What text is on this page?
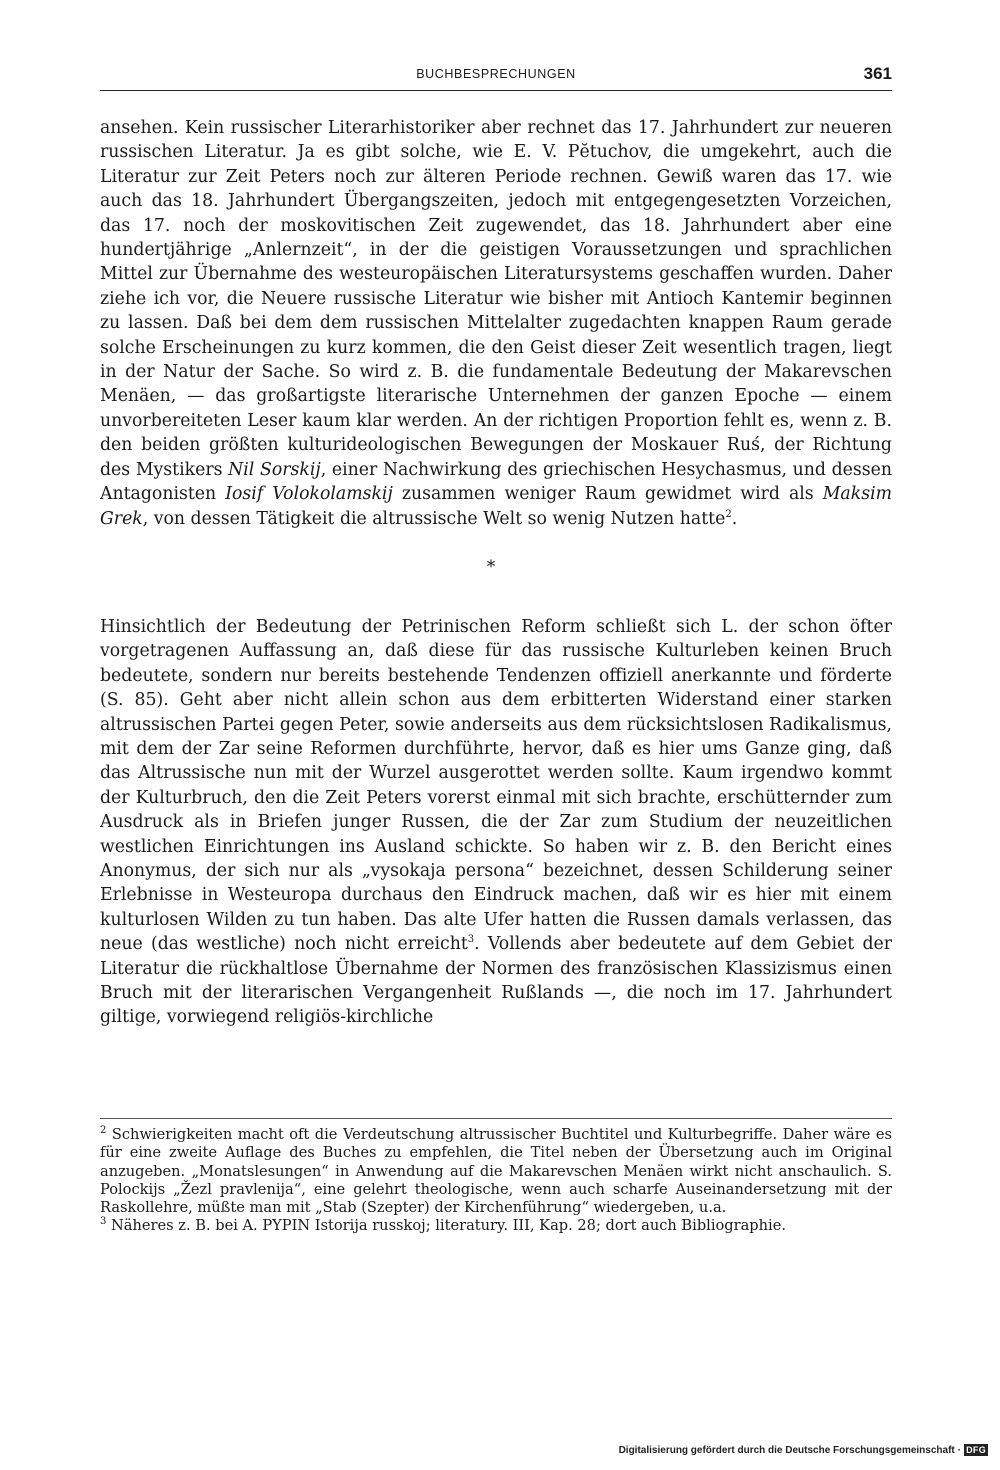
BUCHBESPRECHUNGEN	361

ansehen. Kein russischer Literarhistoriker aber rechnet das 17. Jahrhundert zur neueren russischen Literatur. Ja es gibt solche, wie E. V. Pĕtuchov, die umgekehrt, auch die Literatur zur Zeit Peters noch zur älteren Periode rechnen. Gewiß waren das 17. wie auch das 18. Jahrhundert Übergangszeiten, jedoch mit entgegengesetzten Vorzeichen, das 17. noch der moskovitischen Zeit zugewendet, das 18. Jahrhundert aber eine hundertjährige „Anlernzeit“, in der die geistigen Voraussetzungen und sprachlichen Mittel zur Übernahme des westeuropäischen Literatursystems geschaffen wurden. Daher ziehe ich vor, die Neuere russische Literatur wie bisher mit Antioch Kantemir beginnen zu lassen. Daß bei dem dem russischen Mittelalter zugedachten knappen Raum gerade solche Erscheinungen zu kurz kommen, die den Geist dieser Zeit wesentlich tragen, liegt in der Natur der Sache. So wird z. B. die fundamentale Bedeutung der Makarevschen Menäen, — das großartigste literarische Unternehmen der ganzen Epoche — einem unvorbereiteten Leser kaum klar werden. An der richtigen Proportion fehlt es, wenn z. B. den beiden größten kulturideologischen Bewegungen der Moskauer Ruś, der Richtung des Mystikers Nil Sorskij, einer Nachwirkung des griechischen Hesychasmus, und dessen Antagonisten Iosif Volokolamskij zusammen weniger Raum gewidmet wird als Maksim Grek, von dessen Tätigkeit die altrussische Welt so wenig Nutzen hatte$^2$.

*

Hinsichtlich der Bedeutung der Petrinischen Reform schließt sich L. der schon öfter vorgetragenen Auffassung an, daß diese für das russische Kulturleben keinen Bruch bedeutete, sondern nur bereits bestehende Tendenzen offiziell anerkannte und förderte (S. 85). Geht aber nicht allein schon aus dem erbitterten Widerstand einer starken altrussischen Partei gegen Peter, sowie anderseits aus dem rücksichtslosen Radikalismus, mit dem der Zar seine Reformen durchführte, hervor, daß es hier ums Ganze ging, daß das Altrussische nun mit der Wurzel ausgerottet werden sollte. Kaum irgendwo kommt der Kulturbruch, den die Zeit Peters vorerst einmal mit sich brachte, erschütternder zum Ausdruck als in Briefen junger Russen, die der Zar zum Studium der neuzeitlichen westlichen Einrichtungen ins Ausland schickte. So haben wir z. B. den Bericht eines Anonymus, der sich nur als „vysokaja persona“ bezeichnet, dessen Schilderung seiner Erlebnisse in Westeuropa durchaus den Eindruck machen, daß wir es hier mit einem kulturlosen Wilden zu tun haben. Das alte Ufer hatten die Russen damals verlassen, das neue (das westliche) noch nicht erreicht$^3$. Vollends aber bedeutete auf dem Gebiet der Literatur die rückhaltlose Übernahme der Normen des französischen Klassizismus einen Bruch mit der literarischen Vergangenheit Rußlands —, die noch im 17. Jahrhundert giltige, vorwiegend religiös-kirchliche

$^2$ Schwierigkeiten macht oft die Verdeutschung altrussischer Buchtitel und Kulturbegriffe. Daher wäre es für eine zweite Auflage des Buches zu empfehlen, die Titel neben der Übersetzung auch im Original anzugeben. „Monatslesungen“ in Anwendung auf die Makarevschen Menäen wirkt nicht anschaulich. S. Polockijs „Žezl pravlenija“, eine gelehrt theologische, wenn auch scharfe Auseinandersetzung mit der Raskollehre, müßte man mit „Stab (Szepter) der Kirchenführung“ wiedergeben, u.a.

$^3$ Näheres z. B. bei A. PYPIN Istorija russkoj; literatury. III, Kap. 28; dort auch Bibliographie.

Digitalisierung gefördert durch die Deutsche Forschungsgemeinschaft · DFG
